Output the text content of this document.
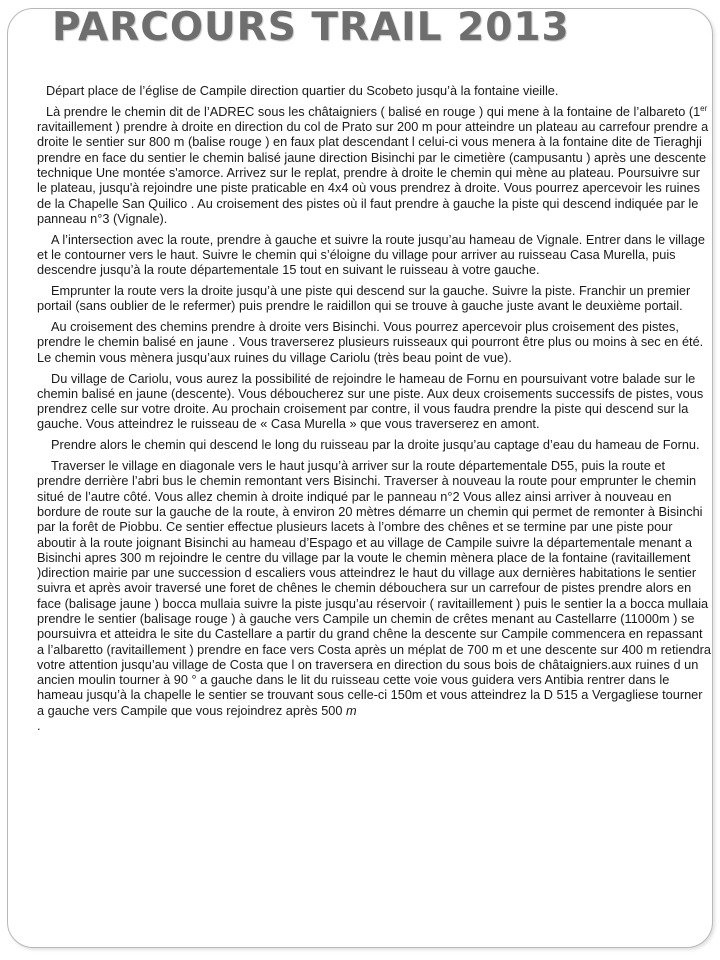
PARCOURS TRAIL 2013

Départ place de l’église de Campile direction quartier du Scobeto jusqu’à la fontaine vieille.

Là prendre le chemin dit de l’ADREC sous les châtaigniers ( balisé en rouge ) qui mene à la fontaine de l’albareto (1er ravitaillement ) prendre à droite en direction du col de Prato sur 200 m pour atteindre un plateau au carrefour prendre a droite le sentier sur 800 m (balise rouge ) en faux plat descendant l celui-ci vous menera à la fontaine dite de Tieraghji prendre en face du sentier le chemin balisé jaune direction Bisinchi par le cimetière (campusantu ) après une descente technique Une montée s'amorce. Arrivez sur le replat, prendre à droite le chemin qui mène au plateau. Poursuivre sur le plateau, jusqu'à rejoindre une piste praticable en 4x4 où vous prendrez à droite. Vous pourrez apercevoir les ruines de la Chapelle San Quilico . Au croisement des pistes où il faut prendre à gauche la piste qui descend indiquée par le panneau n°3 (Vignale).

A l’intersection avec la route, prendre à gauche et suivre la route jusqu’au hameau de Vignale. Entrer dans le village et le contourner vers le haut. Suivre le chemin qui s’éloigne du village pour arriver au ruisseau Casa Murella, puis descendre jusqu’à la route départementale 15 tout en suivant le ruisseau à votre gauche.

Emprunter la route vers la droite jusqu’à une piste qui descend sur la gauche. Suivre la piste. Franchir un premier portail (sans oublier de le refermer) puis prendre le raidillon qui se trouve à gauche juste avant le deuxième portail.

Au croisement des chemins prendre à droite vers Bisinchi. Vous pourrez apercevoir plus croisement des pistes, prendre le chemin balisé en jaune . Vous traverserez plusieurs ruisseaux qui pourront être plus ou moins à sec en été. Le chemin vous mènera jusqu’aux ruines du village Cariolu (très beau point de vue).

Du village de Cariolu, vous aurez la possibilité de rejoindre le hameau de Fornu en poursuivant votre balade sur le chemin balisé en jaune (descente). Vous déboucherez sur une piste. Aux deux croisements successifs de pistes, vous prendrez celle sur votre droite. Au prochain croisement par contre, il vous faudra prendre la piste qui descend sur la gauche. Vous atteindrez le ruisseau de « Casa Murella » que vous traverserez en amont.

Prendre alors le chemin qui descend le long du ruisseau par la droite jusqu’au captage d’eau du hameau de Fornu.

Traverser le village en diagonale vers le haut jusqu’à arriver sur la route départementale D55, puis la route et prendre derrière l’abri bus le chemin remontant vers Bisinchi. Traverser à nouveau la route pour emprunter le chemin situé de l’autre côté. Vous allez chemin à droite indiqué par le panneau n°2 Vous allez ainsi arriver à nouveau en bordure de route sur la gauche de la route, à environ 20 mètres démarre un chemin qui permet de remonter à Bisinchi par la forêt de Piobbu. Ce sentier effectue plusieurs lacets à l’ombre des chênes et se termine par une piste pour aboutir à la route joignant Bisinchi au hameau d’Espago et au village de Campile suivre la départementale menant a Bisinchi apres 300 m rejoindre le centre du village par la voute le chemin mènera place de la fontaine (ravitaillement )direction mairie par une succession d escaliers vous atteindrez le haut du village aux dernières habitations le sentier suivra et après avoir traversé une foret de chênes le chemin débouchera sur un carrefour de pistes prendre alors en face (balisage jaune ) bocca mullaia suivre la piste jusqu’au réservoir ( ravitaillement ) puis le sentier la a bocca mullaia prendre le sentier (balisage rouge ) à gauche vers Campile un chemin de crêtes menant au Castellarre (11000m ) se poursuivra et atteidra le site du Castellare a partir du grand chêne la descente sur Campile commencera en repassant a l’albaretto (ravitaillement ) prendre en face vers Costa après un méplat de 700 m et une descente sur 400 m retiendra votre attention jusqu’au village de Costa que l on traversera en direction du sous bois de châtaigniers.aux ruines d un ancien moulin tourner à 90 ° a gauche dans le lit du ruisseau cette voie vous guidera vers Antibia rentrer dans le hameau jusqu’à la chapelle le sentier se trouvant sous celle-ci 150m et vous atteindrez la D 515 a Vergagliese tourner a gauche vers Campile que vous rejoindrez après 500 m
.
